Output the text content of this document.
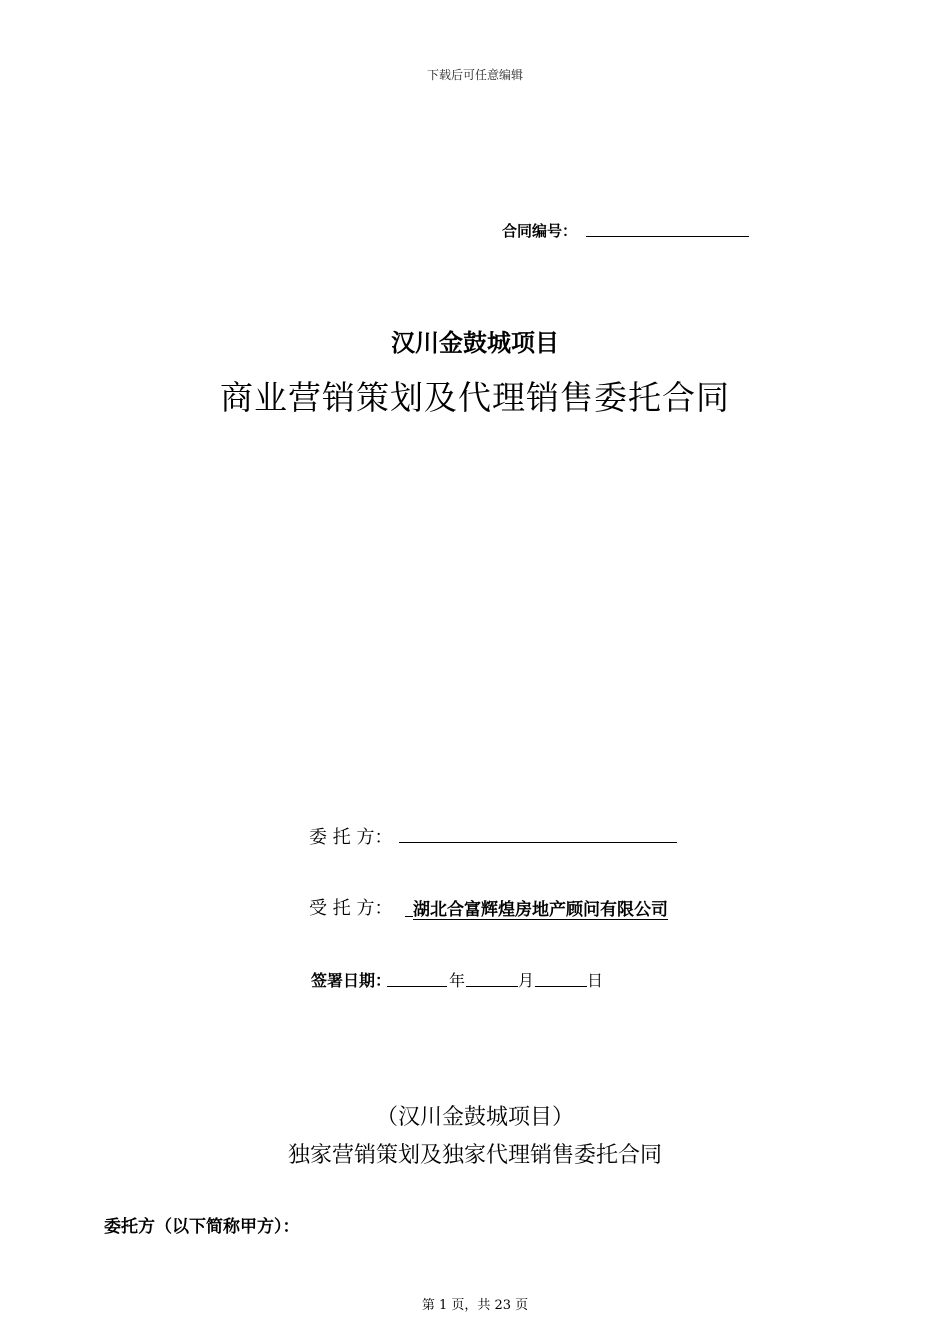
下载后可任意编辑
合同编号：
汉川金鼓城项目
商业营销策划及代理销售委托合同
委 托 方：
受 托 方： 湖北合富辉煌房地产顾问有限公司
签署日期：	年	月	日
（汉川金鼓城项目）
独家营销策划及独家代理销售委托合同
委托方（以下简称甲方）：
第 1 页，共 23 页
